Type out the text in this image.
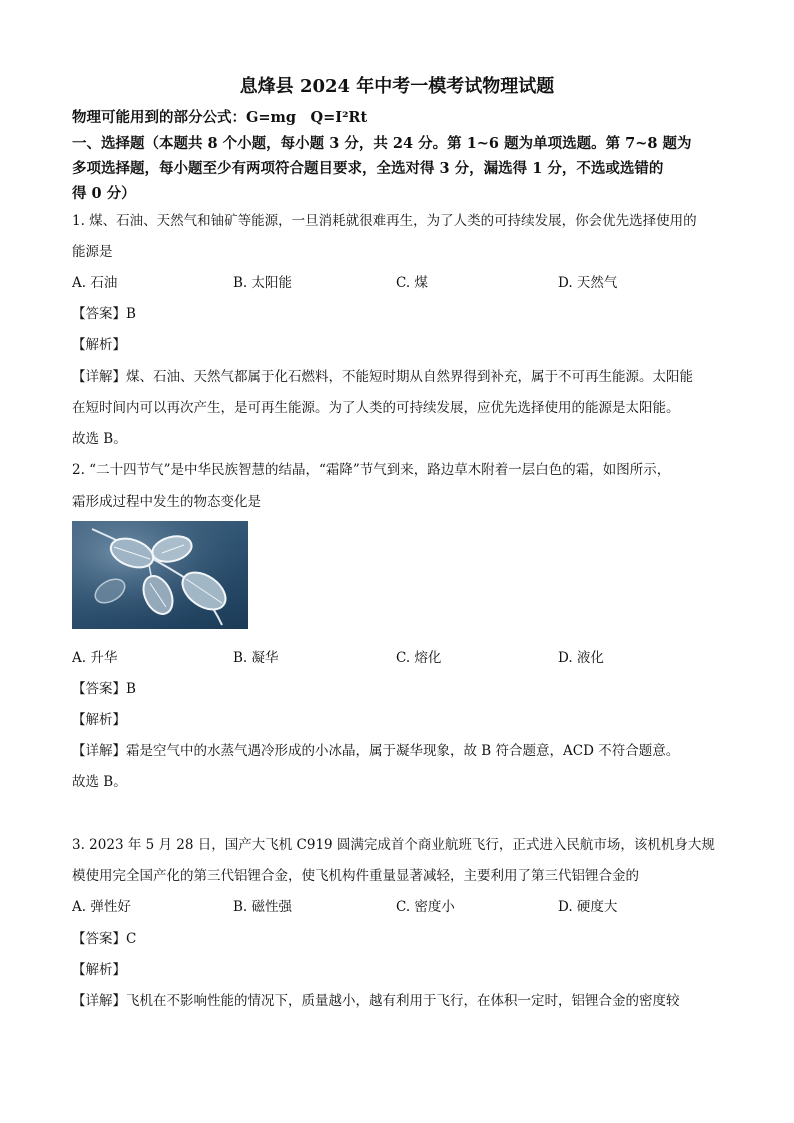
息烽县 2024 年中考一模考试物理试题
物理可能用到的部分公式：G=mg　Q=I²Rt
一、选择题（本题共 8 个小题，每小题 3 分，共 24 分。第 1~6 题为单项选题。第 7~8 题为
多项选择题，每小题至少有两项符合题目要求，全选对得 3 分，漏选得 1 分，不选或选错的
得 0 分）
1. 煤、石油、天然气和铀矿等能源，一旦消耗就很难再生，为了人类的可持续发展，你会优先选择使用的
能源是
A. 石油	B. 太阳能	C. 煤	D. 天然气
【答案】B
【解析】
【详解】煤、石油、天然气都属于化石燃料，不能短时期从自然界得到补充，属于不可再生能源。太阳能
在短时间内可以再次产生，是可再生能源。为了人类的可持续发展，应优先选择使用的能源是太阳能。
故选 B。
2. “二十四节气”是中华民族智慧的结晶，“霜降”节气到来，路边草木附着一层白色的霜，如图所示，
霜形成过程中发生的物态变化是
A. 升华	B. 凝华	C. 熔化	D. 液化
【答案】B
【解析】
【详解】霜是空气中的水蒸气遇冷形成的小冰晶，属于凝华现象，故 B 符合题意，ACD 不符合题意。
故选 B。
3. 2023 年 5 月 28 日，国产大飞机 C919 圆满完成首个商业航班飞行，正式进入民航市场，该机机身大规
模使用完全国产化的第三代铝锂合金，使飞机构件重量显著减轻，主要利用了第三代铝锂合金的
A. 弹性好	B. 磁性强	C. 密度小	D. 硬度大
【答案】C
【解析】
【详解】飞机在不影响性能的情况下，质量越小，越有利用于飞行，在体积一定时，铝锂合金的密度较
